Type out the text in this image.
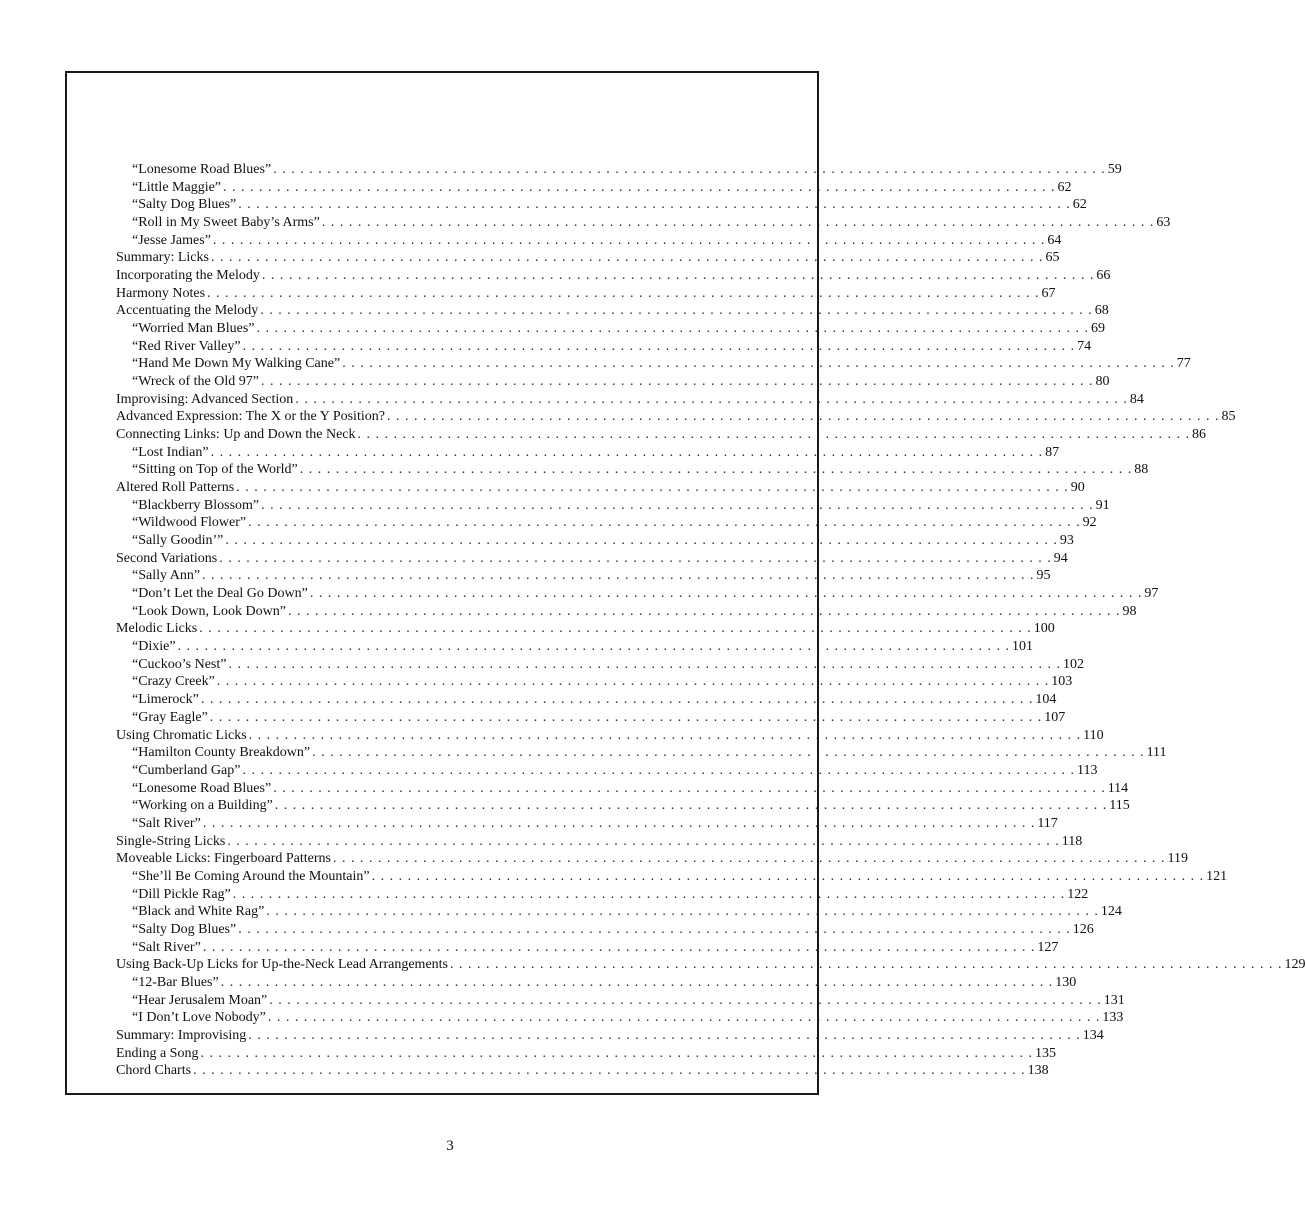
“Lonesome Road Blues” . . . . . . . . . . . . . . . . . . . . . . . . . . . . . . . . . . . . . . . . . . . . . . . . . . . . . . . . . . . . . . . . . . . . . . . . . . . . . . . . . . . . . . . . . . . . . 59
“Little Maggie” . . . . . . . . . . . . . . . . . . . . . . . . . . . . . . . . . . . . . . . . . . . . . . . . . . . . . . . . . . . . . . . . . . . . . . . . . . . . . . . . . . . . . . . . . . . . . 62
“Salty Dog Blues” . . . . . . . . . . . . . . . . . . . . . . . . . . . . . . . . . . . . . . . . . . . . . . . . . . . . . . . . . . . . . . . . . . . . . . . . . . . . . . . . . . . . . . . . . . . . . 62
“Roll in My Sweet Baby’s Arms” . . . . . . . . . . . . . . . . . . . . . . . . . . . . . . . . . . . . . . . . . . . . . . . . . . . . . . . . . . . . . . . . . . . . . . . . . . . . . . . . . . . . . . . . . . . . . 63
“Jesse James” . . . . . . . . . . . . . . . . . . . . . . . . . . . . . . . . . . . . . . . . . . . . . . . . . . . . . . . . . . . . . . . . . . . . . . . . . . . . . . . . . . . . . . . . . . . . . 64
Summary: Licks . . . . . . . . . . . . . . . . . . . . . . . . . . . . . . . . . . . . . . . . . . . . . . . . . . . . . . . . . . . . . . . . . . . . . . . . . . . . . . . . . . . . . . . . . . . . . 65
Incorporating the Melody . . . . . . . . . . . . . . . . . . . . . . . . . . . . . . . . . . . . . . . . . . . . . . . . . . . . . . . . . . . . . . . . . . . . . . . . . . . . . . . . . . . . . . . . . . . . . 66
Harmony Notes . . . . . . . . . . . . . . . . . . . . . . . . . . . . . . . . . . . . . . . . . . . . . . . . . . . . . . . . . . . . . . . . . . . . . . . . . . . . . . . . . . . . . . . . . . . . . 67
Accentuating the Melody . . . . . . . . . . . . . . . . . . . . . . . . . . . . . . . . . . . . . . . . . . . . . . . . . . . . . . . . . . . . . . . . . . . . . . . . . . . . . . . . . . . . . . . . . . . . . 68
“Worried Man Blues” . . . . . . . . . . . . . . . . . . . . . . . . . . . . . . . . . . . . . . . . . . . . . . . . . . . . . . . . . . . . . . . . . . . . . . . . . . . . . . . . . . . . . . . . . . . . . 69
“Red River Valley” . . . . . . . . . . . . . . . . . . . . . . . . . . . . . . . . . . . . . . . . . . . . . . . . . . . . . . . . . . . . . . . . . . . . . . . . . . . . . . . . . . . . . . . . . . . . . 74
“Hand Me Down My Walking Cane” . . . . . . . . . . . . . . . . . . . . . . . . . . . . . . . . . . . . . . . . . . . . . . . . . . . . . . . . . . . . . . . . . . . . . . . . . . . . . . . . . . . . . . . . . . . . . 77
“Wreck of the Old 97” . . . . . . . . . . . . . . . . . . . . . . . . . . . . . . . . . . . . . . . . . . . . . . . . . . . . . . . . . . . . . . . . . . . . . . . . . . . . . . . . . . . . . . . . . . . . . 80
Improvising: Advanced Section . . . . . . . . . . . . . . . . . . . . . . . . . . . . . . . . . . . . . . . . . . . . . . . . . . . . . . . . . . . . . . . . . . . . . . . . . . . . . . . . . . . . . . . . . . . . . 84
Advanced Expression: The X or the Y Position? . . . . . . . . . . . . . . . . . . . . . . . . . . . . . . . . . . . . . . . . . . . . . . . . . . . . . . . . . . . . . . . . . . . . . . . . . . . . . . . . . . . . . . . . . . . . . 85
Connecting Links: Up and Down the Neck . . . . . . . . . . . . . . . . . . . . . . . . . . . . . . . . . . . . . . . . . . . . . . . . . . . . . . . . . . . . . . . . . . . . . . . . . . . . . . . . . . . . . . . . . . . . . 86
“Lost Indian” . . . . . . . . . . . . . . . . . . . . . . . . . . . . . . . . . . . . . . . . . . . . . . . . . . . . . . . . . . . . . . . . . . . . . . . . . . . . . . . . . . . . . . . . . . . . . 87
“Sitting on Top of the World” . . . . . . . . . . . . . . . . . . . . . . . . . . . . . . . . . . . . . . . . . . . . . . . . . . . . . . . . . . . . . . . . . . . . . . . . . . . . . . . . . . . . . . . . . . . . . 88
Altered Roll Patterns . . . . . . . . . . . . . . . . . . . . . . . . . . . . . . . . . . . . . . . . . . . . . . . . . . . . . . . . . . . . . . . . . . . . . . . . . . . . . . . . . . . . . . . . . . . . . 90
“Blackberry Blossom” . . . . . . . . . . . . . . . . . . . . . . . . . . . . . . . . . . . . . . . . . . . . . . . . . . . . . . . . . . . . . . . . . . . . . . . . . . . . . . . . . . . . . . . . . . . . . 91
“Wildwood Flower” . . . . . . . . . . . . . . . . . . . . . . . . . . . . . . . . . . . . . . . . . . . . . . . . . . . . . . . . . . . . . . . . . . . . . . . . . . . . . . . . . . . . . . . . . . . . . 92
“Sally Goodin’” . . . . . . . . . . . . . . . . . . . . . . . . . . . . . . . . . . . . . . . . . . . . . . . . . . . . . . . . . . . . . . . . . . . . . . . . . . . . . . . . . . . . . . . . . . . . . 93
Second Variations . . . . . . . . . . . . . . . . . . . . . . . . . . . . . . . . . . . . . . . . . . . . . . . . . . . . . . . . . . . . . . . . . . . . . . . . . . . . . . . . . . . . . . . . . . . . . 94
“Sally Ann” . . . . . . . . . . . . . . . . . . . . . . . . . . . . . . . . . . . . . . . . . . . . . . . . . . . . . . . . . . . . . . . . . . . . . . . . . . . . . . . . . . . . . . . . . . . . . 95
“Don’t Let the Deal Go Down” . . . . . . . . . . . . . . . . . . . . . . . . . . . . . . . . . . . . . . . . . . . . . . . . . . . . . . . . . . . . . . . . . . . . . . . . . . . . . . . . . . . . . . . . . . . . . 97
“Look Down, Look Down” . . . . . . . . . . . . . . . . . . . . . . . . . . . . . . . . . . . . . . . . . . . . . . . . . . . . . . . . . . . . . . . . . . . . . . . . . . . . . . . . . . . . . . . . . . . . . 98
Melodic Licks . . . . . . . . . . . . . . . . . . . . . . . . . . . . . . . . . . . . . . . . . . . . . . . . . . . . . . . . . . . . . . . . . . . . . . . . . . . . . . . . . . . . . . . . . . . . . 100
“Dixie” . . . . . . . . . . . . . . . . . . . . . . . . . . . . . . . . . . . . . . . . . . . . . . . . . . . . . . . . . . . . . . . . . . . . . . . . . . . . . . . . . . . . . . . . . . . . . 101
“Cuckoo’s Nest” . . . . . . . . . . . . . . . . . . . . . . . . . . . . . . . . . . . . . . . . . . . . . . . . . . . . . . . . . . . . . . . . . . . . . . . . . . . . . . . . . . . . . . . . . . . . . 102
“Crazy Creek” . . . . . . . . . . . . . . . . . . . . . . . . . . . . . . . . . . . . . . . . . . . . . . . . . . . . . . . . . . . . . . . . . . . . . . . . . . . . . . . . . . . . . . . . . . . . . 103
“Limerock” . . . . . . . . . . . . . . . . . . . . . . . . . . . . . . . . . . . . . . . . . . . . . . . . . . . . . . . . . . . . . . . . . . . . . . . . . . . . . . . . . . . . . . . . . . . . . 104
“Gray Eagle” . . . . . . . . . . . . . . . . . . . . . . . . . . . . . . . . . . . . . . . . . . . . . . . . . . . . . . . . . . . . . . . . . . . . . . . . . . . . . . . . . . . . . . . . . . . . . 107
Using Chromatic Licks . . . . . . . . . . . . . . . . . . . . . . . . . . . . . . . . . . . . . . . . . . . . . . . . . . . . . . . . . . . . . . . . . . . . . . . . . . . . . . . . . . . . . . . . . . . . . 110
“Hamilton County Breakdown” . . . . . . . . . . . . . . . . . . . . . . . . . . . . . . . . . . . . . . . . . . . . . . . . . . . . . . . . . . . . . . . . . . . . . . . . . . . . . . . . . . . . . . . . . . . . . 111
“Cumberland Gap” . . . . . . . . . . . . . . . . . . . . . . . . . . . . . . . . . . . . . . . . . . . . . . . . . . . . . . . . . . . . . . . . . . . . . . . . . . . . . . . . . . . . . . . . . . . . . 113
“Lonesome Road Blues” . . . . . . . . . . . . . . . . . . . . . . . . . . . . . . . . . . . . . . . . . . . . . . . . . . . . . . . . . . . . . . . . . . . . . . . . . . . . . . . . . . . . . . . . . . . . . 114
“Working on a Building” . . . . . . . . . . . . . . . . . . . . . . . . . . . . . . . . . . . . . . . . . . . . . . . . . . . . . . . . . . . . . . . . . . . . . . . . . . . . . . . . . . . . . . . . . . . . . 115
“Salt River” . . . . . . . . . . . . . . . . . . . . . . . . . . . . . . . . . . . . . . . . . . . . . . . . . . . . . . . . . . . . . . . . . . . . . . . . . . . . . . . . . . . . . . . . . . . . . 117
Single-String Licks . . . . . . . . . . . . . . . . . . . . . . . . . . . . . . . . . . . . . . . . . . . . . . . . . . . . . . . . . . . . . . . . . . . . . . . . . . . . . . . . . . . . . . . . . . . . . 118
Moveable Licks: Fingerboard Patterns . . . . . . . . . . . . . . . . . . . . . . . . . . . . . . . . . . . . . . . . . . . . . . . . . . . . . . . . . . . . . . . . . . . . . . . . . . . . . . . . . . . . . . . . . . . . . 119
“She’ll Be Coming Around the Mountain” . . . . . . . . . . . . . . . . . . . . . . . . . . . . . . . . . . . . . . . . . . . . . . . . . . . . . . . . . . . . . . . . . . . . . . . . . . . . . . . . . . . . . . . . . . . . . 121
“Dill Pickle Rag” . . . . . . . . . . . . . . . . . . . . . . . . . . . . . . . . . . . . . . . . . . . . . . . . . . . . . . . . . . . . . . . . . . . . . . . . . . . . . . . . . . . . . . . . . . . . . 122
“Black and White Rag” . . . . . . . . . . . . . . . . . . . . . . . . . . . . . . . . . . . . . . . . . . . . . . . . . . . . . . . . . . . . . . . . . . . . . . . . . . . . . . . . . . . . . . . . . . . . . 124
“Salty Dog Blues” . . . . . . . . . . . . . . . . . . . . . . . . . . . . . . . . . . . . . . . . . . . . . . . . . . . . . . . . . . . . . . . . . . . . . . . . . . . . . . . . . . . . . . . . . . . . . 126
“Salt River” . . . . . . . . . . . . . . . . . . . . . . . . . . . . . . . . . . . . . . . . . . . . . . . . . . . . . . . . . . . . . . . . . . . . . . . . . . . . . . . . . . . . . . . . . . . . . 127
Using Back-Up Licks for Up-the-Neck Lead Arrangements . . . . . . . . . . . . . . . . . . . . . . . . . . . . . . . . . . . . . . . . . . . . . . . . . . . . . . . . . . . . . . . . . . . . . . . . . . . . . . . . . . . . . . . . . . . . . 129
“12-Bar Blues” . . . . . . . . . . . . . . . . . . . . . . . . . . . . . . . . . . . . . . . . . . . . . . . . . . . . . . . . . . . . . . . . . . . . . . . . . . . . . . . . . . . . . . . . . . . . . 130
“Hear Jerusalem Moan” . . . . . . . . . . . . . . . . . . . . . . . . . . . . . . . . . . . . . . . . . . . . . . . . . . . . . . . . . . . . . . . . . . . . . . . . . . . . . . . . . . . . . . . . . . . . . 131
“I Don’t Love Nobody” . . . . . . . . . . . . . . . . . . . . . . . . . . . . . . . . . . . . . . . . . . . . . . . . . . . . . . . . . . . . . . . . . . . . . . . . . . . . . . . . . . . . . . . . . . . . . 133
Summary: Improvising . . . . . . . . . . . . . . . . . . . . . . . . . . . . . . . . . . . . . . . . . . . . . . . . . . . . . . . . . . . . . . . . . . . . . . . . . . . . . . . . . . . . . . . . . . . . . 134
Ending a Song . . . . . . . . . . . . . . . . . . . . . . . . . . . . . . . . . . . . . . . . . . . . . . . . . . . . . . . . . . . . . . . . . . . . . . . . . . . . . . . . . . . . . . . . . . . . . 135
Chord Charts . . . . . . . . . . . . . . . . . . . . . . . . . . . . . . . . . . . . . . . . . . . . . . . . . . . . . . . . . . . . . . . . . . . . . . . . . . . . . . . . . . . . . . . . . . . . . 138
3
